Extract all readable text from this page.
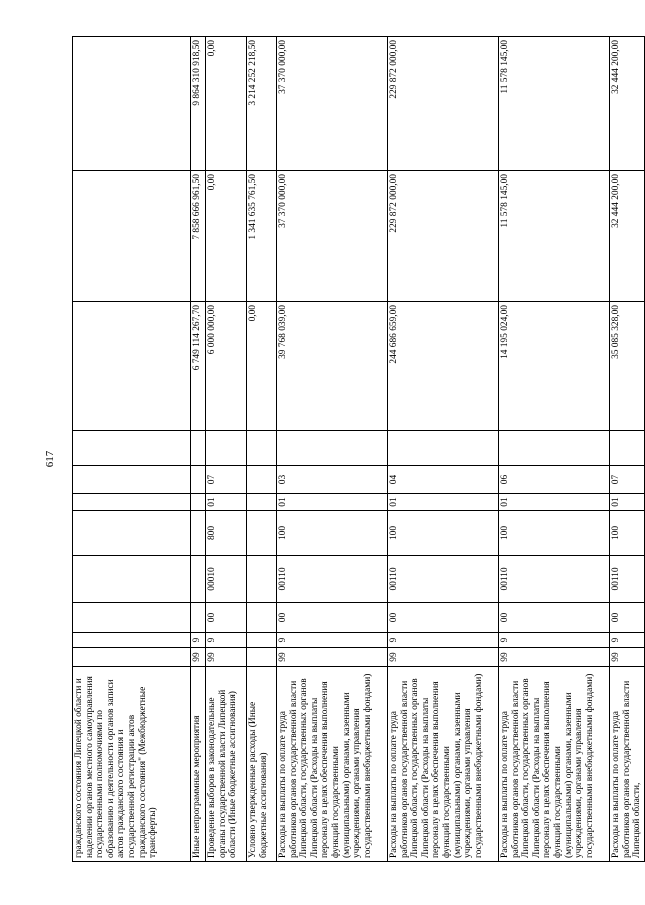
617
гражданского состояния Липецкой области и наделении органов местного самоуправления государственными полномочиями по образованию и деятельности органов записи актов гражданского состояния и государственной регистрации актов гражданского состояния" (Межбюджетные трансферты)											
Иные непрограммные мероприятия	99	9							6 749 114 267,70	7 858 666 961,50	9 864 310 918,50
Проведение выборов в законодательные органы государственной власти Липецкой области (Иные бюджетные ассигнования)	99	9	00	00010	800	01	07		6 000 000,00	0,00	0,00
Условно утвержденные расходы (Иные бюджетные ассигнования)									0,00	1 341 635 761,50	3 214 252 218,50
Расходы на выплаты по оплате труда работников органов государственной власти Липецкой области, государственных органов Липецкой области (Расходы на выплаты персоналу в целях обеспечения выполнения функций государственными (муниципальными) органами, казенными учреждениями, органами управления государственными внебюджетными фондами)	99	9	00	00110	100	01	03		39 768 039,00	37 370 000,00	37 370 000,00
Расходы на выплаты по оплате труда работников органов государственной власти Липецкой области, государственных органов Липецкой области (Расходы на выплаты персоналу в целях обеспечения выполнения функций государственными (муниципальными) органами, казенными учреждениями, органами управления государственными внебюджетными фондами)	99	9	00	00110	100	01	04		244 686 659,00	229 872 000,00	229 872 000,00
Расходы на выплаты по оплате труда работников органов государственной власти Липецкой области, государственных органов Липецкой области (Расходы на выплаты персоналу в целях обеспечения выполнения функций государственными (муниципальными) органами, казенными учреждениями, органами управления государственными внебюджетными фондами)	99	9	00	00110	100	01	06		14 195 024,00	11 578 145,00	11 578 145,00
Расходы на выплаты по оплате труда работников органов государственной власти Липецкой области,	99	9	00	00110	100	01	07		35 085 328,00	32 444 200,00	32 444 200,00
